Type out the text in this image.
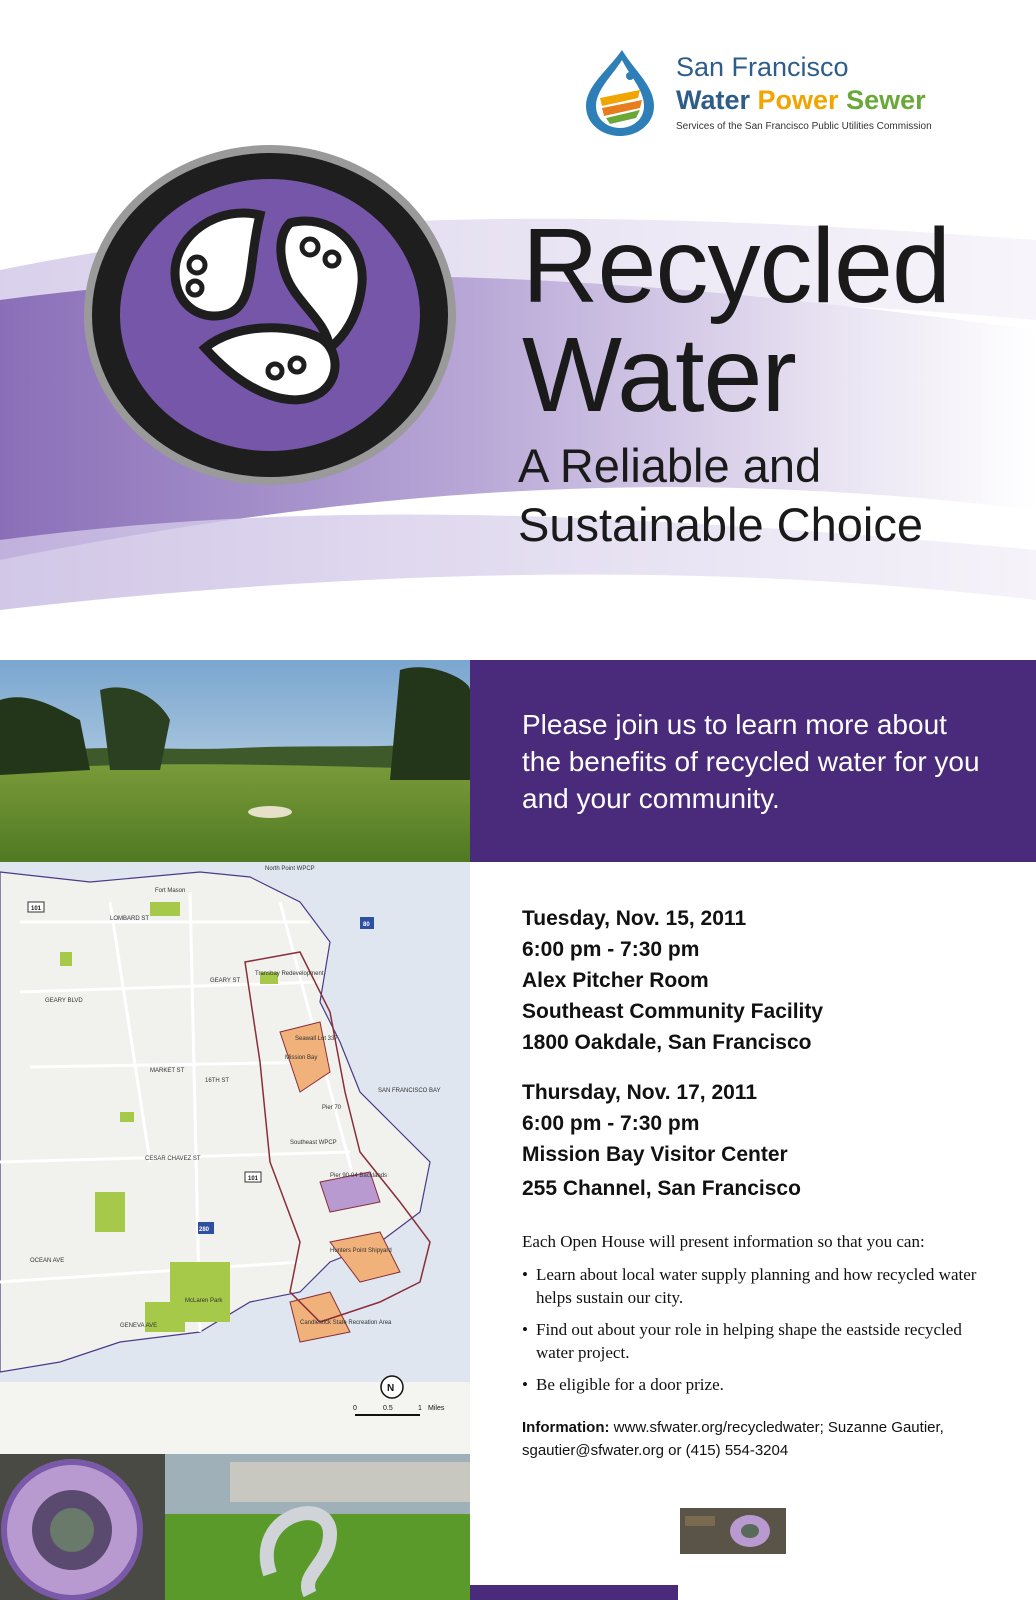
San Francisco
Water Power Sewer
Services of the San Francisco Public Utilities Commission
Recycled
Water
A Reliable and
Sustainable Choice
Please join us to learn more about the benefits of recycled water for you and your community.
North Point WPCP
Fort Mason
LOMBARD ST
GEARY ST
GEARY BLVD
Transbay Redevelopment
MARKET ST
Seawall Lot 337
Mission Bay
16TH ST
SAN FRANCISCO BAY
Pier 70
Southeast WPCP
CESAR CHAVEZ ST
Pier 90-94 Backlands
OCEAN AVE
Hunters Point Shipyard
McLaren Park
GENEVA AVE	Candlestick State Recreation Area
101
101
80
280
N
0	0.5	1 Miles
Tuesday, Nov. 15, 2011
6:00 pm - 7:30 pm
Alex Pitcher Room
Southeast Community Facility
1800 Oakdale, San Francisco
Thursday, Nov. 17, 2011
6:00 pm - 7:30 pm
Mission Bay Visitor Center
255 Channel, San Francisco
Each Open House will present information so that you can:
• Learn about local water supply planning and how recycled water helps sustain our city.
• Find out about your role in helping shape the eastside recycled water project.
• Be eligible for a door prize.
Information: www.sfwater.org/recycledwater; Suzanne Gautier, sgautier@sfwater.org or (415) 554-3204
